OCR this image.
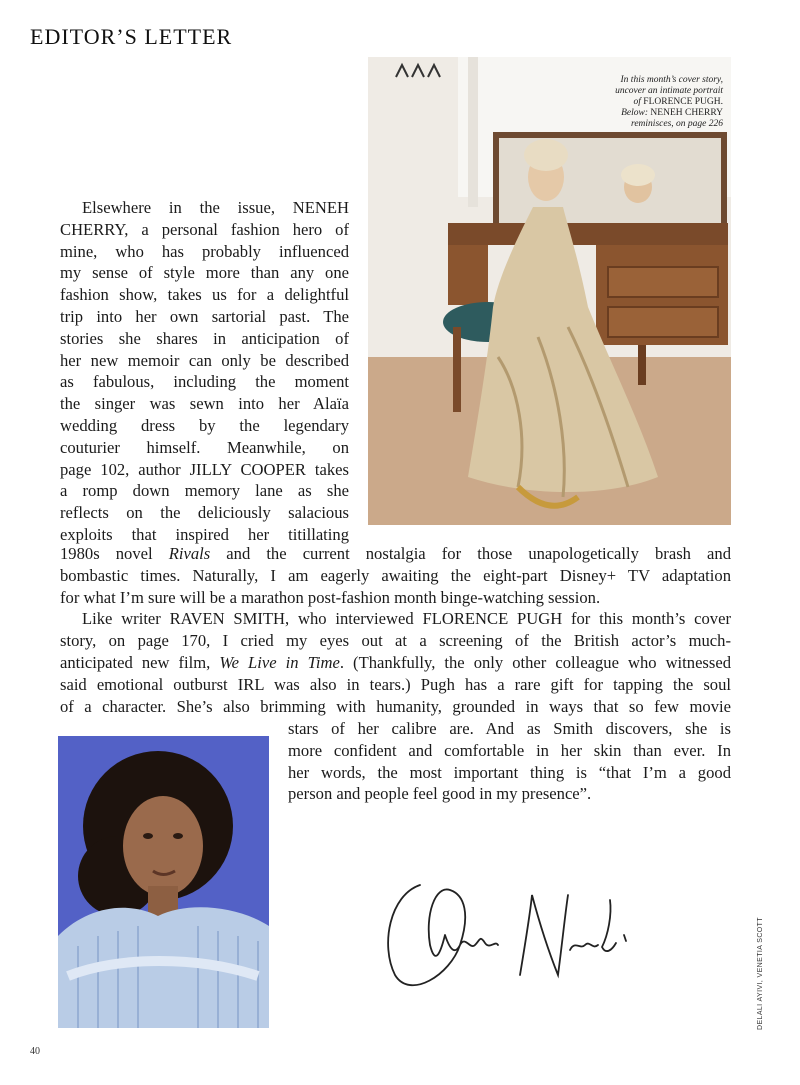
EDITOR’S LETTER
In this month’s cover story,
uncover an intimate portrait
of FLORENCE PUGH.
Below: NENEH CHERRY
reminisces, on page 226
Elsewhere in the issue, NENEH
CHERRY, a personal fashion hero of
mine, who has probably influenced
my sense of style more than any one
fashion show, takes us for a delightful
trip into her own sartorial past. The
stories she shares in anticipation of
her new memoir can only be described
as fabulous, including the moment
the singer was sewn into her Alaïa
wedding dress by the legendary
couturier himself. Meanwhile, on
page 102, author JILLY COOPER takes
a romp down memory lane as she
reflects on the deliciously salacious
exploits that inspired her titillating
1980s novel Rivals and the current nostalgia for those unapologetically brash and
bombastic times. Naturally, I am eagerly awaiting the eight-part Disney+ TV adaptation
for what I’m sure will be a marathon post-fashion month binge-watching session.
Like writer RAVEN SMITH, who interviewed FLORENCE PUGH for this month’s cover
story, on page 170, I cried my eyes out at a screening of the British actor’s much-
anticipated new film, We Live in Time. (Thankfully, the only other colleague who witnessed
said emotional outburst IRL was also in tears.) Pugh has a rare gift for tapping the soul
of a character. She’s also brimming with humanity, grounded in ways that so few movie
stars of her calibre are. And as Smith discovers, she is
more confident and comfortable in her skin than ever. In
her words, the most important thing is “that I’m a good
person and people feel good in my presence”.
DELALI AYIVI, VENETIA SCOTT
40
